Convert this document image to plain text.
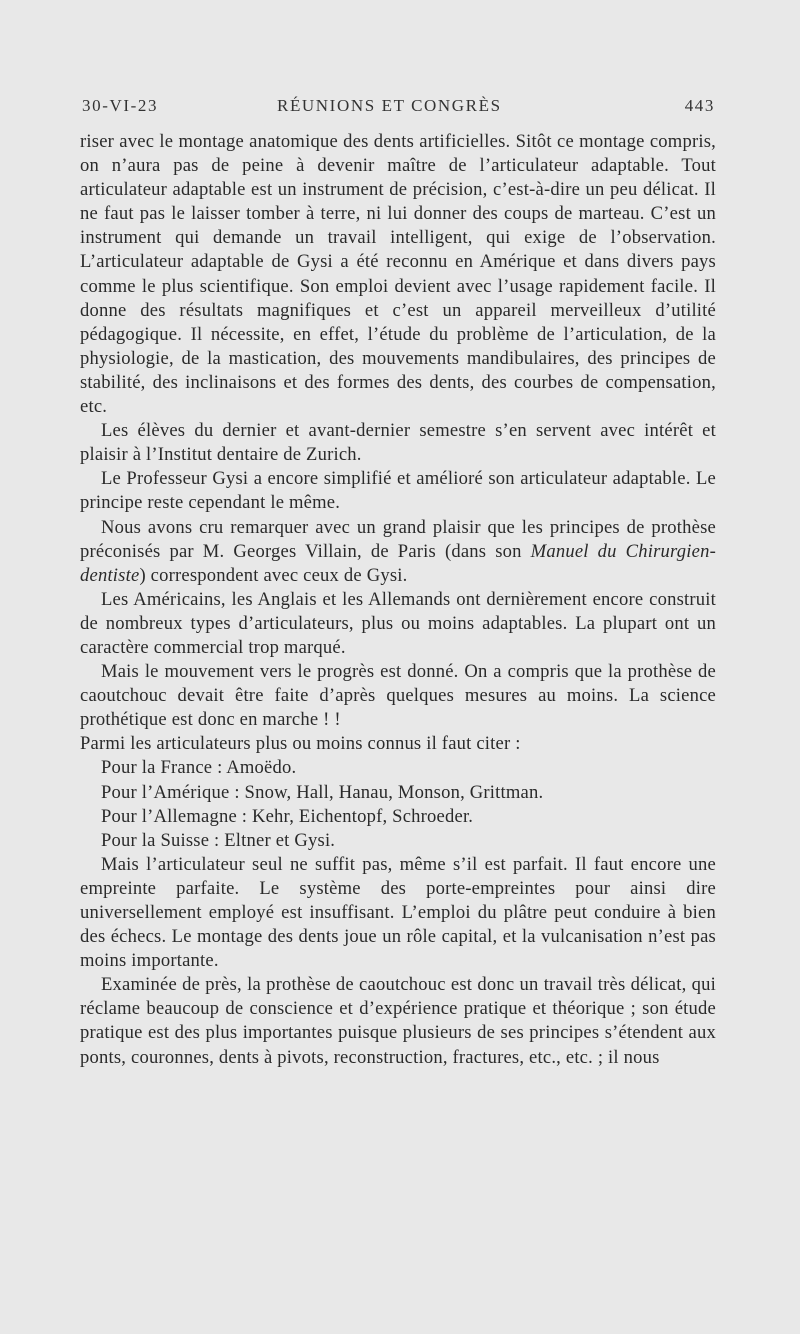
30-VI-23	RÉUNIONS ET CONGRÈS	443

riser avec le montage anatomique des dents artificielles. Sitôt ce montage compris, on n’aura pas de peine à devenir maître de l’articulateur adaptable. Tout articulateur adaptable est un instrument de précision, c’est-à-dire un peu délicat. Il ne faut pas le laisser tomber à terre, ni lui donner des coups de marteau. C’est un instrument qui demande un travail intelligent, qui exige de l’observation. L’articulateur adaptable de Gysi a été reconnu en Amérique et dans divers pays comme le plus scientifique. Son emploi devient avec l’usage rapidement facile. Il donne des résultats magnifiques et c’est un appareil merveilleux d’utilité pédagogique. Il nécessite, en effet, l’étude du problème de l’articulation, de la physiologie, de la mastication, des mouvements mandibulaires, des principes de stabilité, des inclinaisons et des formes des dents, des courbes de compensation, etc.

Les élèves du dernier et avant-dernier semestre s’en servent avec intérêt et plaisir à l’Institut dentaire de Zurich.

Le Professeur Gysi a encore simplifié et amélioré son articulateur adaptable. Le principe reste cependant le même.

Nous avons cru remarquer avec un grand plaisir que les principes de prothèse préconisés par M. Georges Villain, de Paris (dans son Manuel du Chirurgien-dentiste) correspondent avec ceux de Gysi.

Les Américains, les Anglais et les Allemands ont dernièrement encore construit de nombreux types d’articulateurs, plus ou moins adaptables. La plupart ont un caractère commercial trop marqué.

Mais le mouvement vers le progrès est donné. On a compris que la prothèse de caoutchouc devait être faite d’après quelques mesures au moins. La science prothétique est donc en marche ! !

Parmi les articulateurs plus ou moins connus il faut citer :

Pour la France : Amoëdo.
Pour l’Amérique : Snow, Hall, Hanau, Monson, Grittman.
Pour l’Allemagne : Kehr, Eichentopf, Schroeder.
Pour la Suisse : Eltner et Gysi.

Mais l’articulateur seul ne suffit pas, même s’il est parfait. Il faut encore une empreinte parfaite. Le système des porte-empreintes pour ainsi dire universellement employé est insuffisant. L’emploi du plâtre peut conduire à bien des échecs. Le montage des dents joue un rôle capital, et la vulcanisation n’est pas moins importante.

Examinée de près, la prothèse de caoutchouc est donc un travail très délicat, qui réclame beaucoup de conscience et d’expérience pratique et théorique ; son étude pratique est des plus importantes puisque plusieurs de ses principes s’étendent aux ponts, couronnes, dents à pivots, reconstruction, fractures, etc., etc. ; il nous
